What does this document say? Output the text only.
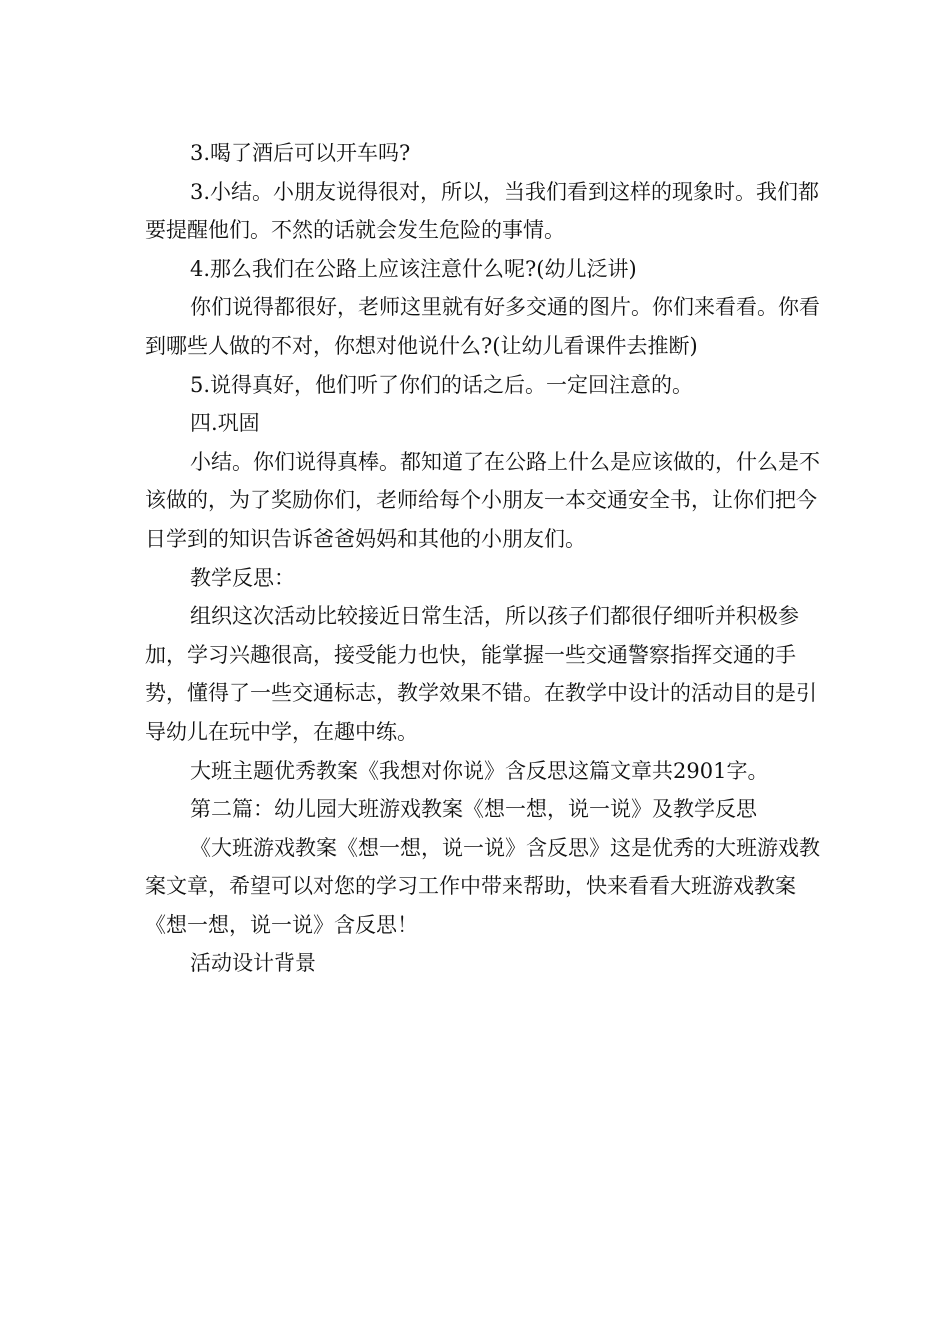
3.喝了酒后可以开车吗?

3.小结。小朋友说得很对，所以，当我们看到这样的现象时。我们都要提醒他们。不然的话就会发生危险的事情。

4.那么我们在公路上应该注意什么呢?(幼儿泛讲)

你们说得都很好，老师这里就有好多交通的图片。你们来看看。你看到哪些人做的不对，你想对他说什么?(让幼儿看课件去推断)

5.说得真好，他们听了你们的话之后。一定回注意的。

四.巩固

小结。你们说得真棒。都知道了在公路上什么是应该做的，什么是不该做的，为了奖励你们，老师给每个小朋友一本交通安全书，让你们把今日学到的知识告诉爸爸妈妈和其他的小朋友们。

教学反思：

组织这次活动比较接近日常生活，所以孩子们都很仔细听并积极参加，学习兴趣很高，接受能力也快，能掌握一些交通警察指挥交通的手势，懂得了一些交通标志，教学效果不错。在教学中设计的活动目的是引导幼儿在玩中学，在趣中练。

大班主题优秀教案《我想对你说》含反思这篇文章共2901字。

第二篇：幼儿园大班游戏教案《想一想，说一说》及教学反思

《大班游戏教案《想一想，说一说》含反思》这是优秀的大班游戏教案文章，希望可以对您的学习工作中带来帮助，快来看看大班游戏教案《想一想，说一说》含反思！

活动设计背景
